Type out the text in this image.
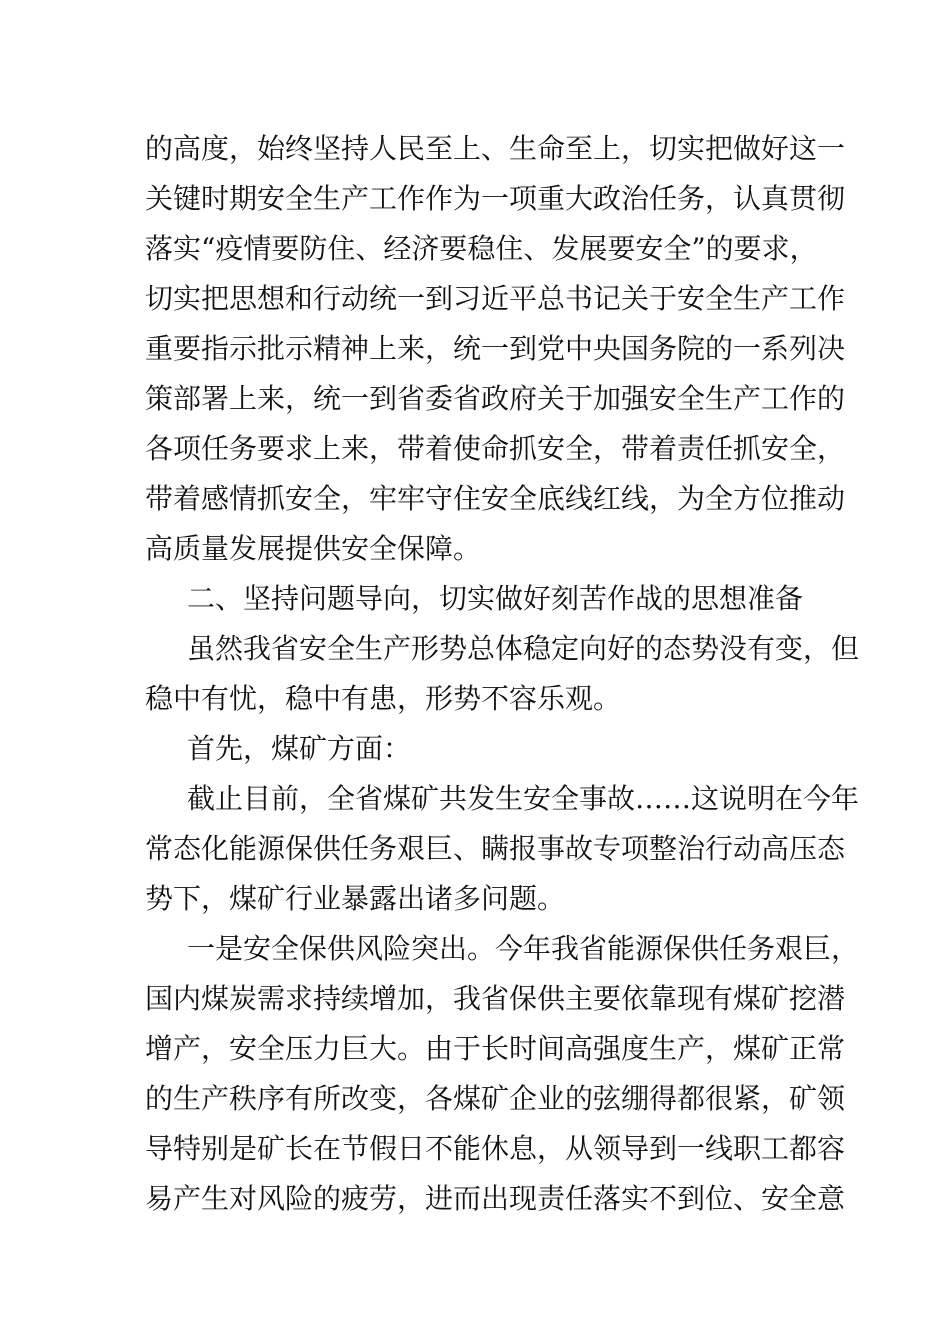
的高度，始终坚持人民至上、生命至上，切实把做好这一
关键时期安全生产工作作为一项重大政治任务，认真贯彻
落实“疫情要防住、经济要稳住、发展要安全”的要求，
切实把思想和行动统一到习近平总书记关于安全生产工作
重要指示批示精神上来，统一到党中央国务院的一系列决
策部署上来，统一到省委省政府关于加强安全生产工作的
各项任务要求上来，带着使命抓安全，带着责任抓安全，
带着感情抓安全，牢牢守住安全底线红线，为全方位推动
高质量发展提供安全保障。
二、坚持问题导向，切实做好刻苦作战的思想准备
虽然我省安全生产形势总体稳定向好的态势没有变，但
稳中有忧，稳中有患，形势不容乐观。
首先，煤矿方面：
截止目前，全省煤矿共发生安全事故……这说明在今年
常态化能源保供任务艰巨、瞒报事故专项整治行动高压态
势下，煤矿行业暴露出诸多问题。
一是安全保供风险突出。今年我省能源保供任务艰巨，
国内煤炭需求持续增加，我省保供主要依靠现有煤矿挖潜
增产，安全压力巨大。由于长时间高强度生产，煤矿正常
的生产秩序有所改变，各煤矿企业的弦绷得都很紧，矿领
导特别是矿长在节假日不能休息，从领导到一线职工都容
易产生对风险的疲劳，进而出现责任落实不到位、安全意
